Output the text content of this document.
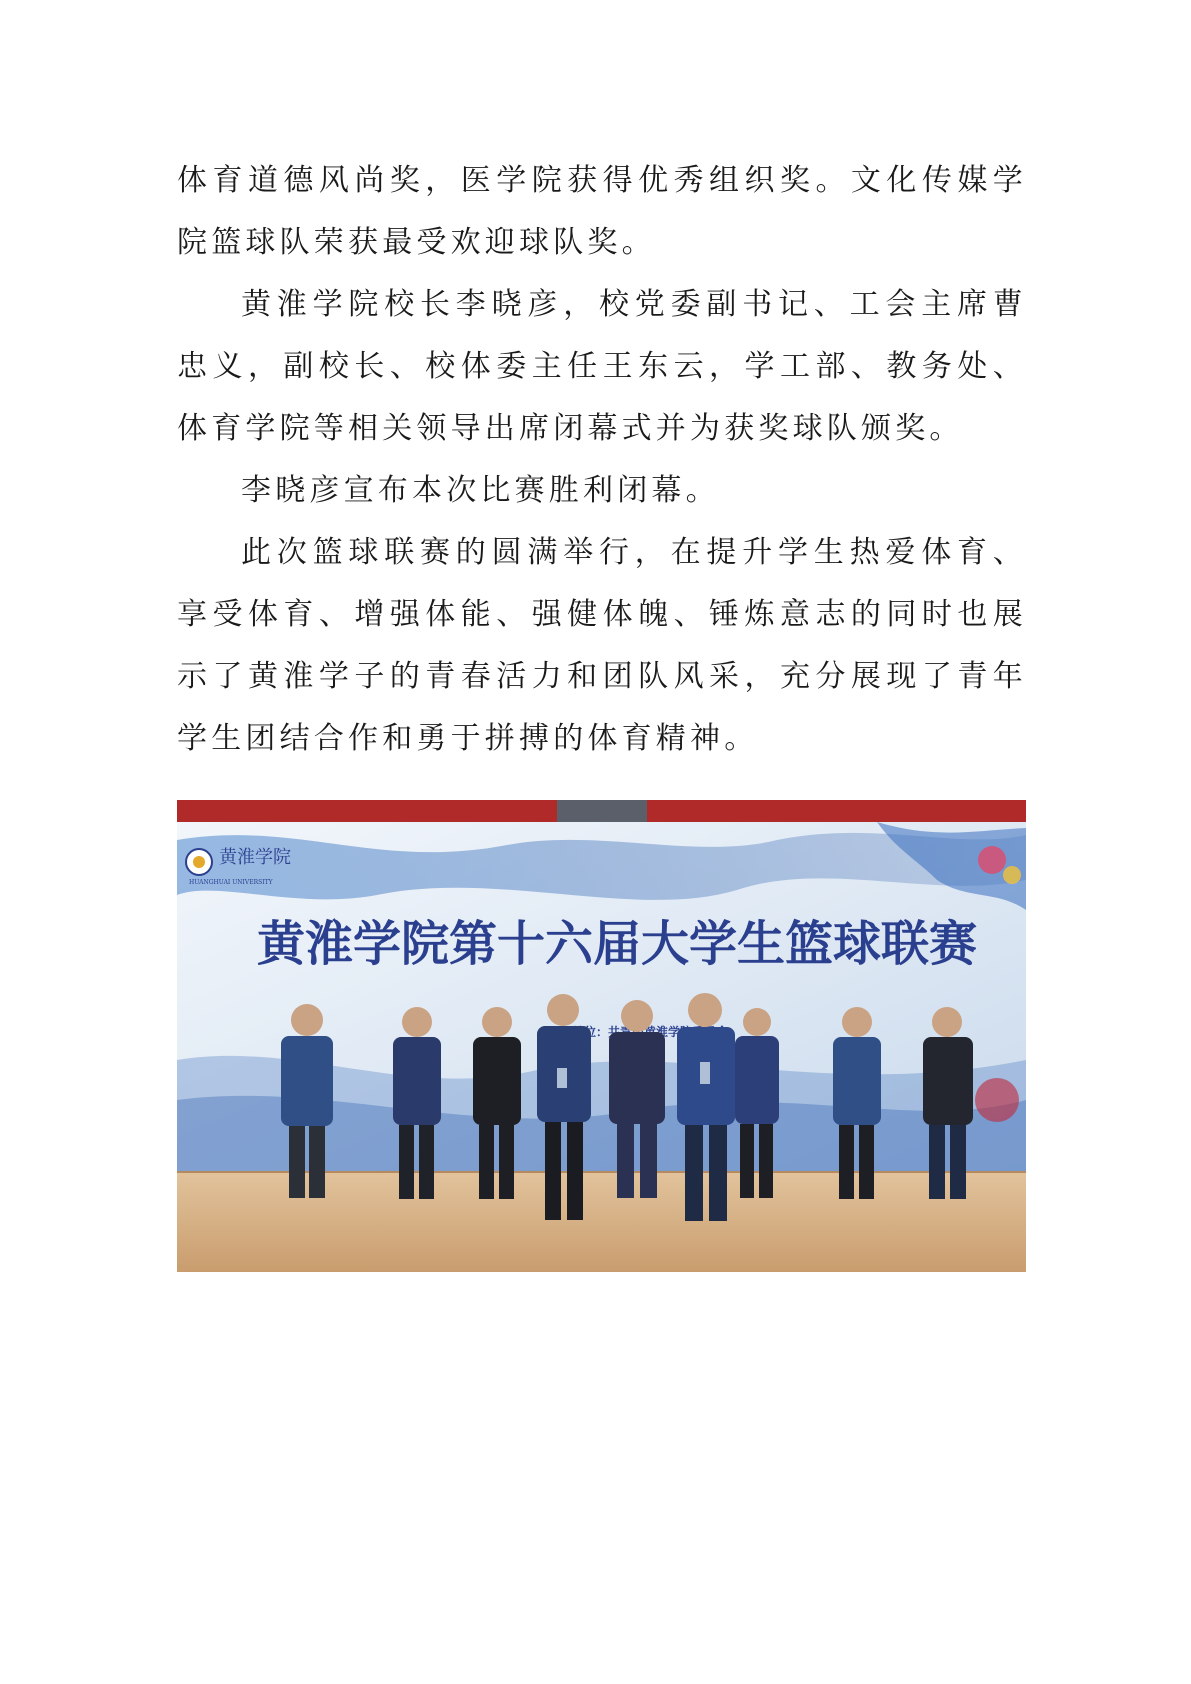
体育道德风尚奖，医学院获得优秀组织奖。文化传媒学院篮球队荣获最受欢迎球队奖。

黄淮学院校长李晓彦，校党委副书记、工会主席曹忠义，副校长、校体委主任王东云，学工部、教务处、体育学院等相关领导出席闭幕式并为获奖球队颁奖。

李晓彦宣布本次比赛胜利闭幕。

此次篮球联赛的圆满举行，在提升学生热爱体育、享受体育、增强体能、强健体魄、锤炼意志的同时也展示了黄淮学子的青春活力和团队风采，充分展现了青年学生团结合作和勇于拼搏的体育精神。

黄淮学院
HUANGHUAI UNIVERSITY
黄淮学院第十六届大学生篮球联赛
